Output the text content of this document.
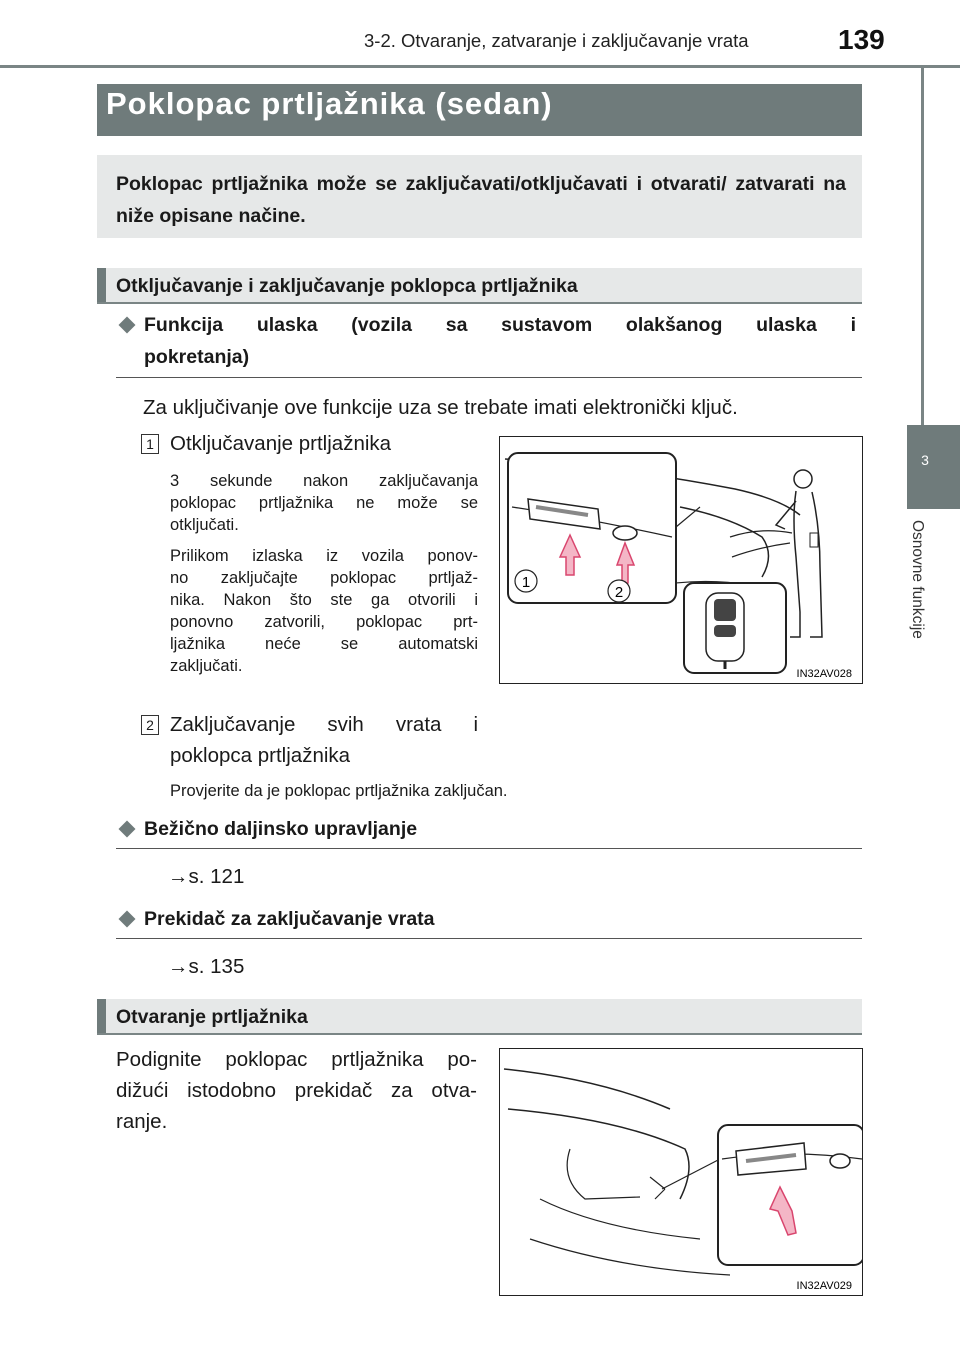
3-2. Otvaranje, zatvaranje i zaključavanje vrata	139
3
Osnovne funkcije
Poklopac prtljažnika (sedan)
Poklopac prtljažnika može se zaključavati/otključavati i otvarati/ zatvarati na niže opisane načine.
Otključavanje i zaključavanje poklopca prtljažnika
Funkcija ulaska (vozila sa sustavom olakšanog ulaska i
pokretanja)
Za uključivanje ove funkcije uza se trebate imati elektronički ključ.
1 Otključavanje prtljažnika
3 sekunde nakon zaključavanja
poklopac prtljažnika ne može se
otključati.
Prilikom izlaska iz vozila ponov-
no zaključajte poklopac prtljaž-
nika. Nakon što ste ga otvorili i
ponovno zatvorili, poklopac prt-
ljažnika neće se automatski
zaključati.
2 Zaključavanje svih vrata i
poklopca prtljažnika
Provjerite da je poklopac prtljažnika zaključan.
1
2
IN32AV028
Bežično daljinsko upravljanje
→s. 121
Prekidač za zaključavanje vrata
→s. 135
Otvaranje prtljažnika
Podignite poklopac prtljažnika po-
dižući istodobno prekidač za otva-
ranje.
IN32AV029
